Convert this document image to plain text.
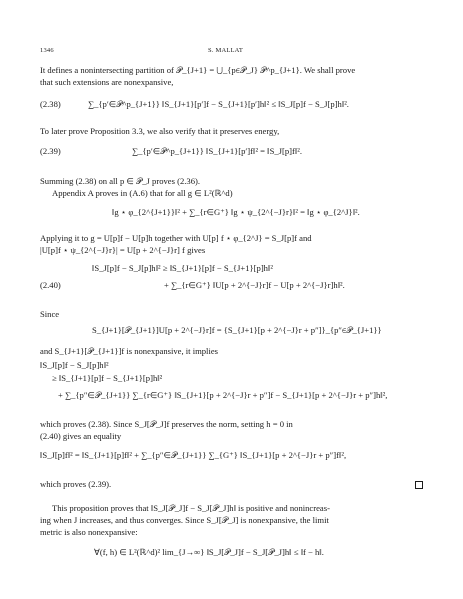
1346	S. MALLAT
It defines a nonintersecting partition of 𝒫_{J+1} = ⋃_{p∈𝒫_J} 𝒫^p_{J+1}. We shall prove
that such extensions are nonexpansive,
(2.38)	∑_{p′∈𝒫^p_{J+1}} ‖S_{J+1}[p′]f − S_{J+1}[p′]h‖² ≤ ‖S_J[p]f − S_J[p]h‖².
To later prove Proposition 3.3, we also verify that it preserves energy,
(2.39)	∑_{p′∈𝒫^p_{J+1}} ‖S_{J+1}[p′]f‖² = ‖S_J[p]f‖².
Summing (2.38) on all p ∈ 𝒫_J proves (2.36).
Appendix A proves in (A.6) that for all g ∈ L²(ℝ^d)
‖g ⋆ φ_{2^{J+1}}‖² + ∑_{r∈G⁺} ‖g ⋆ ψ_{2^{−J}r}‖² = ‖g ⋆ φ_{2^J}‖².
Applying it to g = U[p]f − U[p]h together with U[p] f ⋆ φ_{2^J} = S_J[p]f and
|U[p]f ⋆ ψ_{2^{−J}r}| = U[p + 2^{−J}r] f gives
‖S_J[p]f − S_J[p]h‖² ≥ ‖S_{J+1}[p]f − S_{J+1}[p]h‖²
(2.40)	+ ∑_{r∈G⁺} ‖U[p + 2^{−J}r]f − U[p + 2^{−J}r]h‖².
Since
S_{J+1}[𝒫_{J+1}]U[p + 2^{−J}r]f = {S_{J+1}[p + 2^{−J}r + p″]}_{p″∈𝒫_{J+1}}
and S_{J+1}[𝒫_{J+1}]f is nonexpansive, it implies
‖S_J[p]f − S_J[p]h‖²
≥ ‖S_{J+1}[p]f − S_{J+1}[p]h‖²
+ ∑_{p″∈𝒫_{J+1}} ∑_{r∈G⁺} ‖S_{J+1}[p + 2^{−J}r + p″]f − S_{J+1}[p + 2^{−J}r + p″]h‖²,
which proves (2.38). Since S_J[𝒫_J]f preserves the norm, setting h = 0 in
(2.40) gives an equality
‖S_J[p]f‖² = ‖S_{J+1}[p]f‖² + ∑_{p″∈𝒫_{J+1}} ∑_{G⁺} ‖S_{J+1}[p + 2^{−J}r + p″]f‖²,
which proves (2.39).
This proposition proves that ‖S_J[𝒫_J]f − S_J[𝒫_J]h‖ is positive and nonincreas-
ing when J increases, and thus converges. Since S_J[𝒫_J] is nonexpansive, the limit
metric is also nonexpansive:
∀(f, h) ∈ L²(ℝ^d)² lim_{J→∞} ‖S_J[𝒫_J]f − S_J[𝒫_J]h‖ ≤ ‖f − h‖.
